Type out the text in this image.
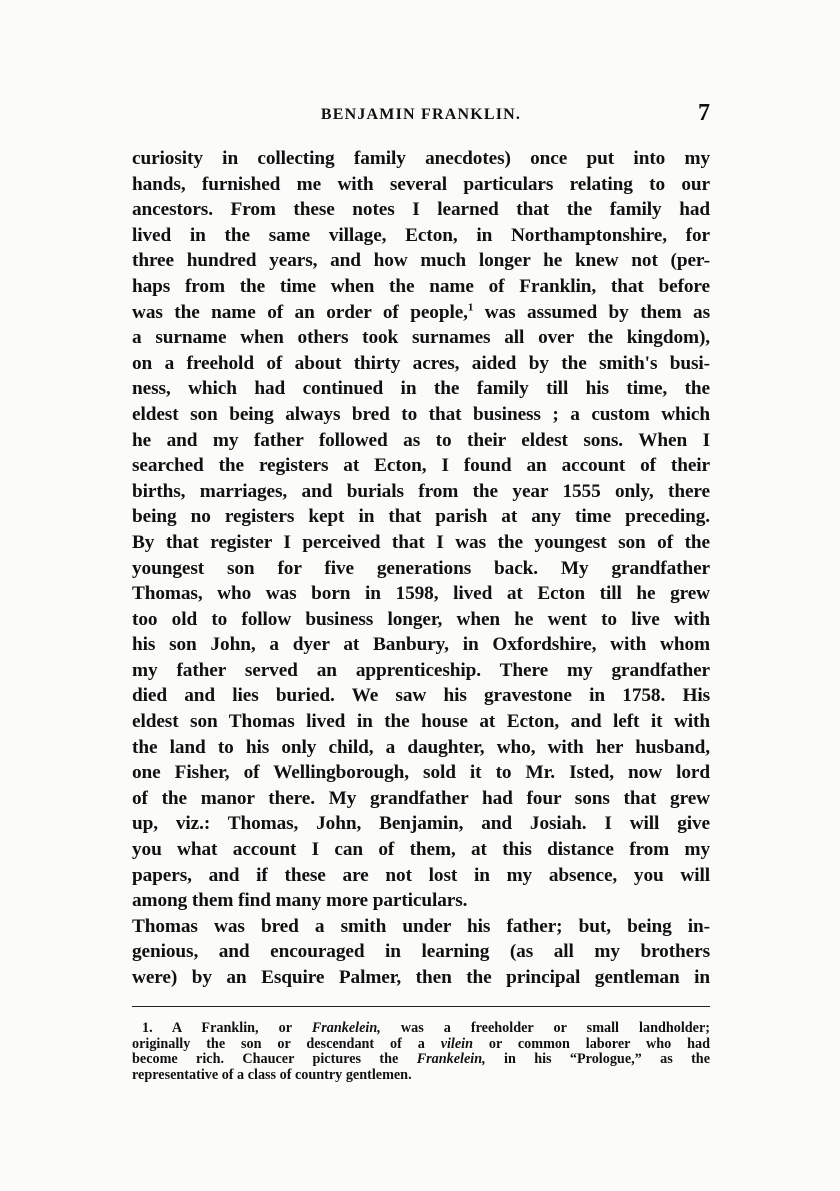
BENJAMIN FRANKLIN.	7
curiosity in collecting family anecdotes) once put into my
hands, furnished me with several particulars relating to our
ancestors. From these notes I learned that the family had
lived in the same village, Ecton, in Northamptonshire, for
three hundred years, and how much longer he knew not (per-
haps from the time when the name of Franklin, that before
was the name of an order of people,$^1$ was assumed by them as
a surname when others took surnames all over the kingdom),
on a freehold of about thirty acres, aided by the smith's busi-
ness, which had continued in the family till his time, the
eldest son being always bred to that business ; a custom which
he and my father followed as to their eldest sons. When I
searched the registers at Ecton, I found an account of their
births, marriages, and burials from the year 1555 only, there
being no registers kept in that parish at any time preceding.
By that register I perceived that I was the youngest son of the
youngest son for five generations back. My grandfather
Thomas, who was born in 1598, lived at Ecton till he grew
too old to follow business longer, when he went to live with
his son John, a dyer at Banbury, in Oxfordshire, with whom
my father served an apprenticeship. There my grandfather
died and lies buried. We saw his gravestone in 1758. His
eldest son Thomas lived in the house at Ecton, and left it with
the land to his only child, a daughter, who, with her husband,
one Fisher, of Wellingborough, sold it to Mr. Isted, now lord
of the manor there. My grandfather had four sons that grew
up, viz.: Thomas, John, Benjamin, and Josiah. I will give
you what account I can of them, at this distance from my
papers, and if these are not lost in my absence, you will
among them find many more particulars.
Thomas was bred a smith under his father; but, being in-
genious, and encouraged in learning (as all my brothers
were) by an Esquire Palmer, then the principal gentleman in
1. A Franklin, or Frankelein, was a freeholder or small landholder;
originally the son or descendant of a vilein or common laborer who had
become rich. Chaucer pictures the Frankelein, in his “Prologue,” as the
representative of a class of country gentlemen.
